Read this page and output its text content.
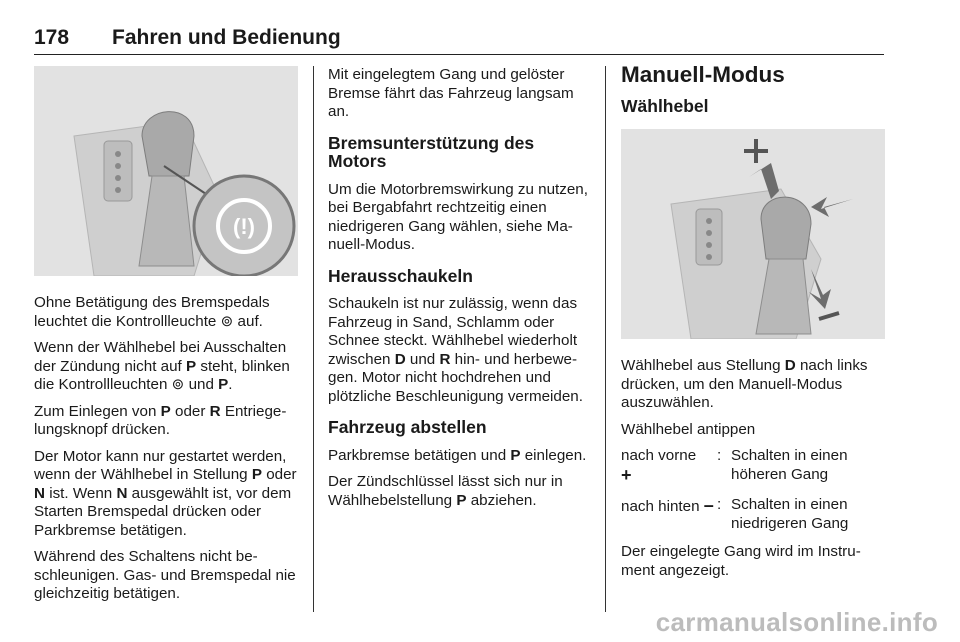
178 Fahren und Bedienung
(!)

Ohne Betätigung des Bremspedals leuchtet die Kontrollleuchte ⊚ auf.

Wenn der Wählhebel bei Ausschalten der Zündung nicht auf P steht, blinken die Kontrollleuchten ⊚ und P.

Zum Einlegen von P oder R Entriegelungsknopf drücken.

Der Motor kann nur gestartet werden, wenn der Wählhebel in Stellung P oder N ist. Wenn N ausgewählt ist, vor dem Starten Bremspedal drücken oder Parkbremse betätigen.

Während des Schaltens nicht beschleunigen. Gas- und Bremspedal nie gleichzeitig betätigen.

Mit eingelegtem Gang und gelöster Bremse fährt das Fahrzeug langsam an.

Bremsunterstützung des Motors

Um die Motorbremswirkung zu nutzen, bei Bergabfahrt rechtzeitig einen niedrigeren Gang wählen, siehe Manuell-Modus.

Herausschaukeln

Schaukeln ist nur zulässig, wenn das Fahrzeug in Sand, Schlamm oder Schnee steckt. Wählhebel wiederholt zwischen D und R hin- und herbewegen. Motor nicht hochdrehen und plötzliche Beschleunigung vermeiden.

Fahrzeug abstellen

Parkbremse betätigen und P einlegen.

Der Zündschlüssel lässt sich nur in Wählhebelstellung P abziehen.

Manuell-Modus
Wählhebel

Wählhebel aus Stellung D nach links drücken, um den Manuell-Modus auszuwählen.

Wählhebel antippen

nach vorne
+
: Schalten in einen höheren Gang
nach hinten – : Schalten in einen niedrigeren Gang

Der eingelegte Gang wird im Instrument angezeigt.

carmanualsonline.info
